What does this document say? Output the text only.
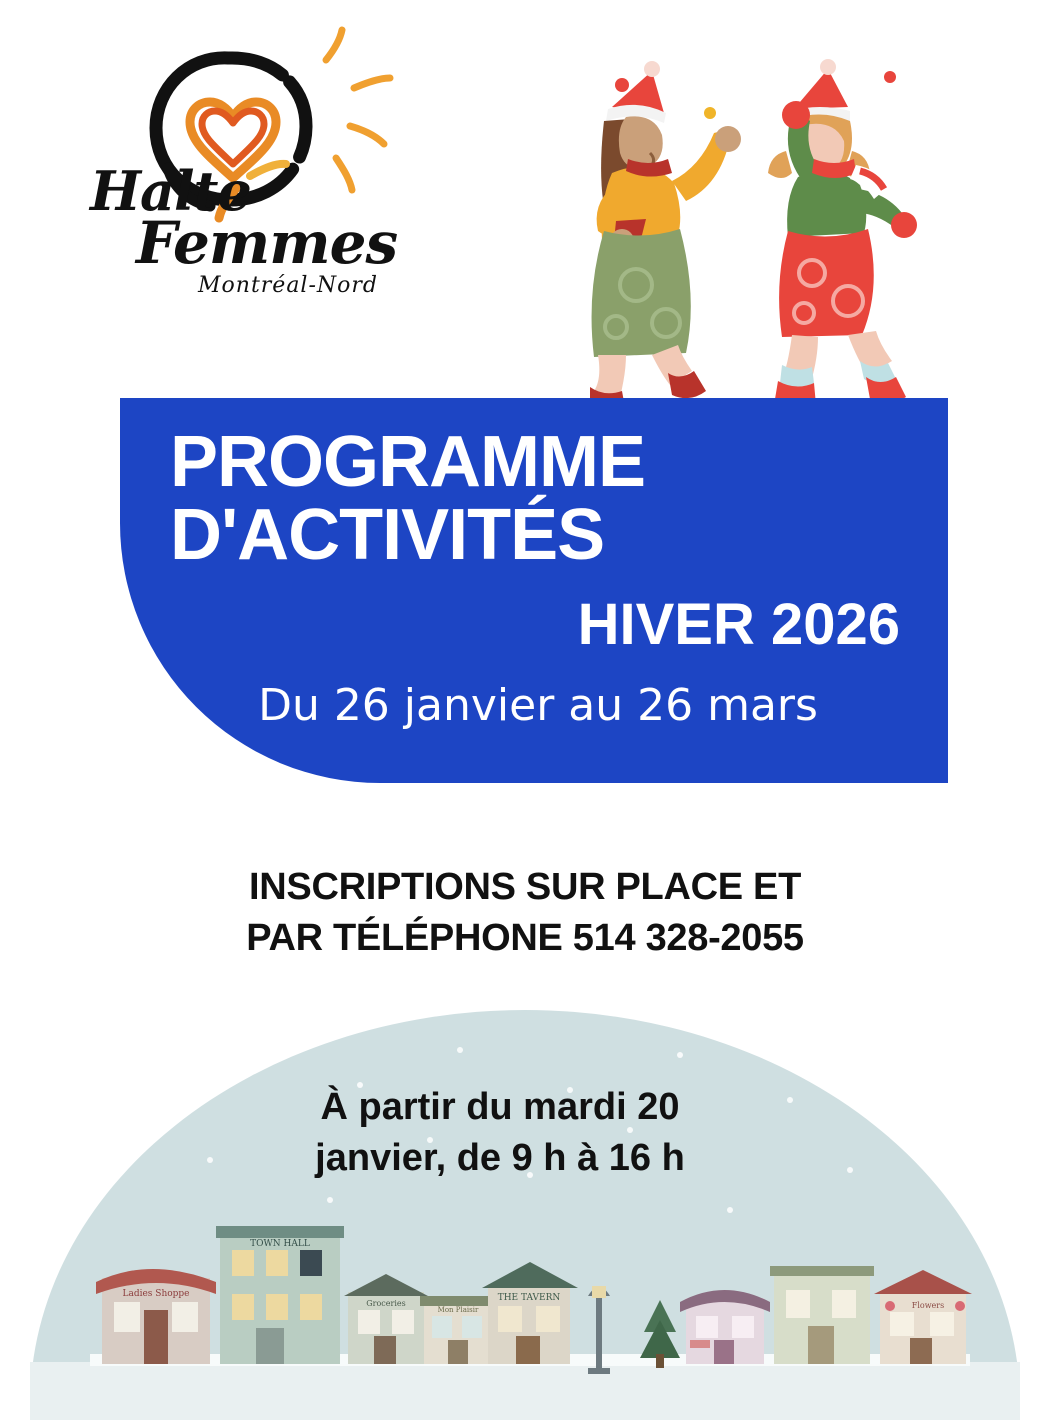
Halte

Femmes

Montréal-Nord

PROGRAMME

D'ACTIVITÉS

HIVER 2026

Du 26 janvier au 26 mars

INSCRIPTIONS SUR PLACE ET

PAR TÉLÉPHONE 514 328-2055

Ladies Shoppe
TOWN HALL
Groceries
Mon Plaisir
THE TAVERN
Flowers

À partir du mardi 20

janvier, de 9 h à 16 h
